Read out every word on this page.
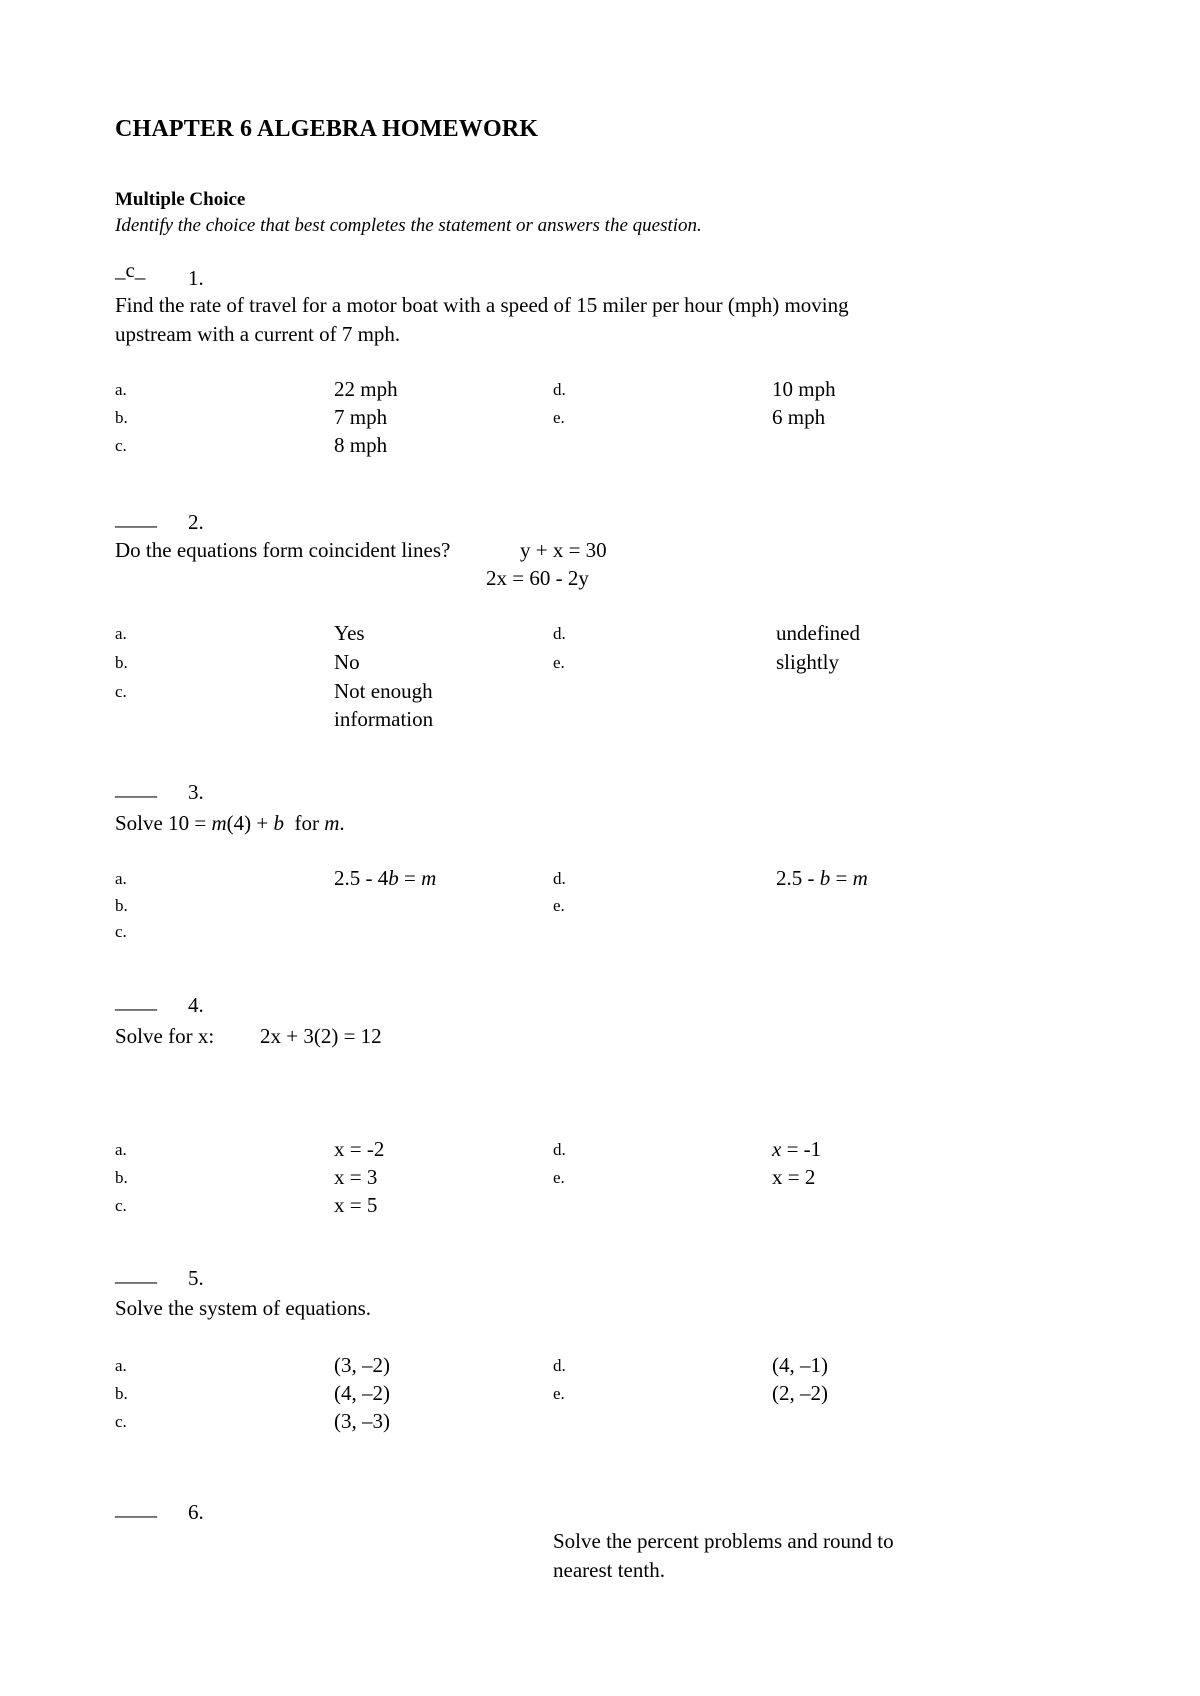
CHAPTER 6 ALGEBRA HOMEWORK
Multiple Choice
Identify the choice that best completes the statement or answers the question.
_c_ 1.
Find the rate of travel for a motor boat with a speed of 15 miler per hour (mph) moving
upstream with a current of 7 mph.
a.
b.
c.
22 mph
7 mph
8 mph
d.
e.
10 mph
6 mph
____ 2.
Do the equations form coincident lines?	y + x = 30
2x = 60 - 2y
a.
b.
c.
Yes
No
Not enough
information
d.
e.
undefined
slightly
____ 3.
Solve 10 = m(4) + b  for m.
a.
b.
c.
2.5 - 4b = m	d.
e.
2.5 - b = m
____ 4.
Solve for x: 2x + 3(2) = 12
a.
b.
c.
x = -2
x = 3
x = 5
d.
e.
x = -1
x = 2
____ 5.
Solve the system of equations.
a.
b.
c.
(3, –2)
(4, –2)
(3, –3)
d.
e.
(4, –1)
(2, –2)
____ 6.
Solve the percent problems and round to
nearest tenth.
